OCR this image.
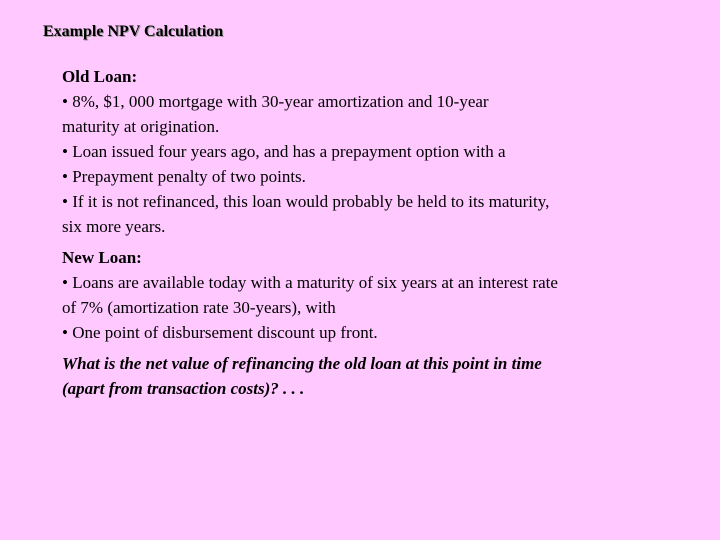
Example NPV Calculation
Old Loan:
• 8%, $1, 000 mortgage with 30-year amortization and 10-year
maturity at origination.
• Loan issued four years ago, and has a prepayment option with a
• Prepayment penalty of two points.
• If it is not refinanced, this loan would probably be held to its maturity,
six more years.
New Loan:
• Loans are available today with a maturity of six years at an interest rate
of 7% (amortization rate 30-years), with
• One point of disbursement discount up front.
What is the net value of refinancing the old loan at this point in time
(apart from transaction costs)? . . .
